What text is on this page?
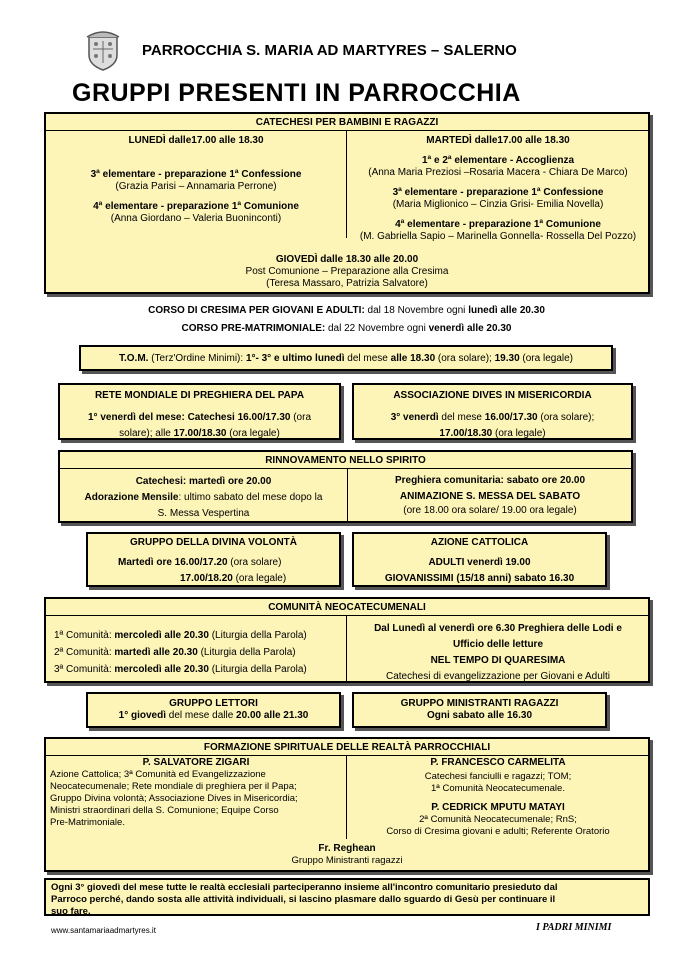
PARROCCHIA S. MARIA AD MARTYRES – SALERNO
GRUPPI PRESENTI IN PARROCCHIA
CATECHESI PER BAMBINI E RAGAZZI
LUNEDÌ dalle17.00 alle 18.30
3ª elementare - preparazione 1ª Confessione
(Grazia Parisi – Annamaria Perrone)
4ª elementare - preparazione 1ª Comunione
(Anna Giordano – Valeria Buoninconti)
MARTEDÌ dalle17.00 alle 18.30
1ª e 2ª elementare - Accoglienza
(Anna Maria Preziosi –Rosaria Macera - Chiara De Marco)
3ª elementare - preparazione 1ª Confessione
(Maria Miglionico – Cinzia Grisi- Emilia Novella)
4ª elementare - preparazione 1ª Comunione
(M. Gabriella Sapio – Marinella Gonnella- Rossella Del Pozzo)
GIOVEDÌ dalle 18.30 alle 20.00
Post Comunione – Preparazione alla Cresima
(Teresa Massaro, Patrizia Salvatore)
CORSO DI CRESIMA PER GIOVANI E ADULTI: dal 18 Novembre ogni lunedì alle 20.30
CORSO PRE-MATRIMONIALE: dal 22 Novembre ogni venerdì alle 20.30
T.O.M. (Terz'Ordine Minimi): 1°- 3° e ultimo lunedì del mese alle 18.30 (ora solare); 19.30 (ora legale)
RETE MONDIALE DI PREGHIERA DEL PAPA
1° venerdì del mese: Catechesi 16.00/17.30 (ora
solare); alle 17.00/18.30 (ora legale)
ASSOCIAZIONE DIVES IN MISERICORDIA
3° venerdì del mese 16.00/17.30 (ora solare);
17.00/18.30 (ora legale)
RINNOVAMENTO NELLO SPIRITO
Catechesi: martedì ore 20.00
Adorazione Mensile: ultimo sabato del mese dopo la
S. Messa Vespertina
Preghiera comunitaria: sabato ore 20.00
ANIMAZIONE S. MESSA DEL SABATO
(ore 18.00 ora solare/ 19.00 ora legale)
GRUPPO DELLA DIVINA VOLONTÀ
Martedì ore 16.00/17.20 (ora solare)
17.00/18.20 (ora legale)
AZIONE CATTOLICA
ADULTI venerdì 19.00
GIOVANISSIMI (15/18 anni) sabato 16.30
COMUNITÀ NEOCATECUMENALI
1ª Comunità: mercoledì alle 20.30 (Liturgia della Parola)
2ª Comunità: martedì alle 20.30 (Liturgia della Parola)
3ª Comunità: mercoledì alle 20.30 (Liturgia della Parola)
Dal Lunedì al venerdì ore 6.30 Preghiera delle Lodi e
Ufficio delle letture
NEL TEMPO DI QUARESIMA
Catechesi di evangelizzazione per Giovani e Adulti
GRUPPO LETTORI
1° giovedì del mese dalle 20.00 alle 21.30
GRUPPO MINISTRANTI RAGAZZI
Ogni sabato alle 16.30
FORMAZIONE SPIRITUALE DELLE REALTÀ PARROCCHIALI
P. SALVATORE ZIGARI
Azione Cattolica; 3ª Comunità ed Evangelizzazione
Neocatecumenale; Rete mondiale di preghiera per il Papa;
Gruppo Divina volontà; Associazione Dives in Misericordia;
Ministri straordinari della S. Comunione; Equipe Corso
Pre-Matrimoniale.
P. FRANCESCO CARMELITA
Catechesi fanciulli e ragazzi; TOM;
1ª Comunità Neocatecumenale.
P. CEDRICK MPUTU MATAYI
2ª Comunità Neocatecumenale; RnS;
Corso di Cresima giovani e adulti; Referente Oratorio
Fr. Reghean
Gruppo Ministranti ragazzi
Ogni 3° giovedì del mese tutte le realtà ecclesiali parteciperanno insieme all'incontro comunitario presieduto dal
Parroco perché, dando sosta alle attività individuali, si lascino plasmare dallo sguardo di Gesù per continuare il
suo fare.
www.santamariaadmartyres.it	I PADRI MINIMI
